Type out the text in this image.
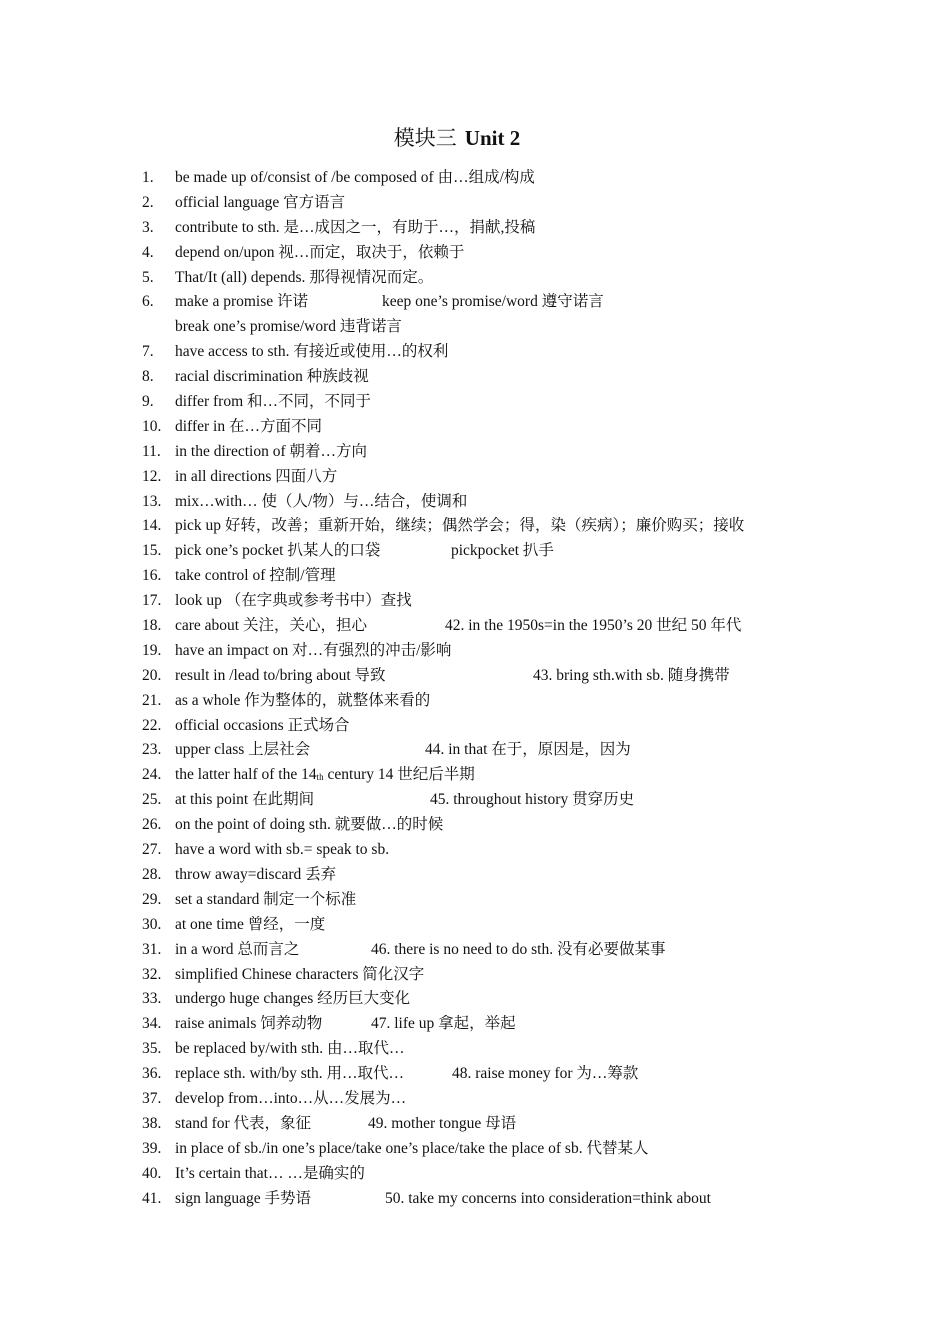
模块三 Unit 2
1. be made up of/consist of /be composed of 由…组成/构成
2. official language 官方语言
3. contribute to sth. 是…成因之一，有助于…，捐献,投稿
4. depend on/upon 视…而定，取决于，依赖于
5. That/It (all) depends. 那得视情况而定。
6. make a promise 许诺	keep one’s promise/word 遵守诺言
break one’s promise/word 违背诺言
7. have access to sth. 有接近或使用…的权利
8. racial discrimination 种族歧视
9. differ from 和…不同，不同于
10. differ in 在…方面不同
11. in the direction of 朝着…方向
12. in all directions 四面八方
13. mix…with… 使（人/物）与…结合，使调和
14. pick up 好转，改善；重新开始，继续；偶然学会；得，染（疾病）；廉价购买；接收
15. pick one’s pocket 扒某人的口袋	pickpocket 扒手
16. take control of 控制/管理
17. look up （在字典或参考书中）查找
18. care about 关注，关心，担心	42. in the 1950s=in the 1950’s 20 世纪 50 年代
19. have an impact on 对…有强烈的冲击/影响
20. result in /lead to/bring about 导致	43. bring sth.with sb. 随身携带
21. as a whole 作为整体的，就整体来看的
22. official occasions 正式场合
23. upper class 上层社会	44. in that 在于，原因是，因为
24. the latter half of the $14_{th}$ century 14 世纪后半期
25. at this point 在此期间	45. throughout history 贯穿历史
26. on the point of doing sth. 就要做…的时候
27. have a word with sb.= speak to sb.
28. throw away=discard 丢弃
29. set a standard 制定一个标准
30. at one time 曾经，一度
31. in a word 总而言之	46. there is no need to do sth. 没有必要做某事
32. simplified Chinese characters 简化汉字
33. undergo huge changes 经历巨大变化
34. raise animals 饲养动物	47. life up 拿起，举起
35. be replaced by/with sth. 由…取代…
36. replace sth. with/by sth. 用…取代…	48. raise money for 为…筹款
37. develop from…into…从…发展为…
38. stand for 代表，象征	49. mother tongue 母语
39. in place of sb./in one’s place/take one’s place/take the place of sb. 代替某人
40. It’s certain that… …是确实的
41. sign language 手势语	50. take my concerns into consideration=think about
